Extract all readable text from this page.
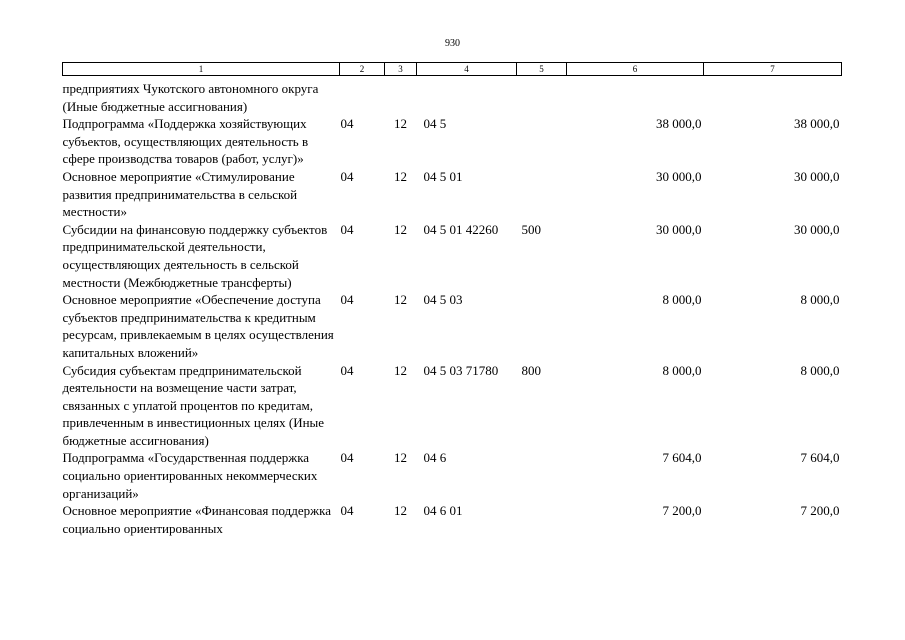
930
1	2	3	4	5	6	7
предприятиях Чукотского автономного округа (Иные бюджетные ассигнования)						
Подпрограмма «Поддержка хозяйствующих субъектов, осуществляющих деятельность в сфере производства товаров (работ, услуг)»	04	12	04 5		38 000,0	38 000,0
Основное мероприятие «Стимулирование развития предпринимательства в сельской местности»	04	12	04 5 01		30 000,0	30 000,0
Субсидии на финансовую поддержку субъектов предпринимательской деятельности, осуществляющих деятельность в сельской местности (Межбюджетные трансферты)	04	12	04 5 01 42260	500	30 000,0	30 000,0
Основное мероприятие «Обеспечение доступа субъектов предпринимательства к кредитным ресурсам, привлекаемым в целях осуществления капитальных вложений»	04	12	04 5 03		8 000,0	8 000,0
Субсидия субъектам предпринимательской деятельности на возмещение части затрат, связанных с уплатой процентов по кредитам, привлеченным в инвестиционных целях (Иные бюджетные ассигнования)	04	12	04 5 03 71780	800	8 000,0	8 000,0
Подпрограмма «Государственная поддержка социально ориентированных некоммерческих организаций»	04	12	04 6		7 604,0	7 604,0
Основное мероприятие «Финансовая поддержка социально ориентированных	04	12	04 6 01		7 200,0	7 200,0
